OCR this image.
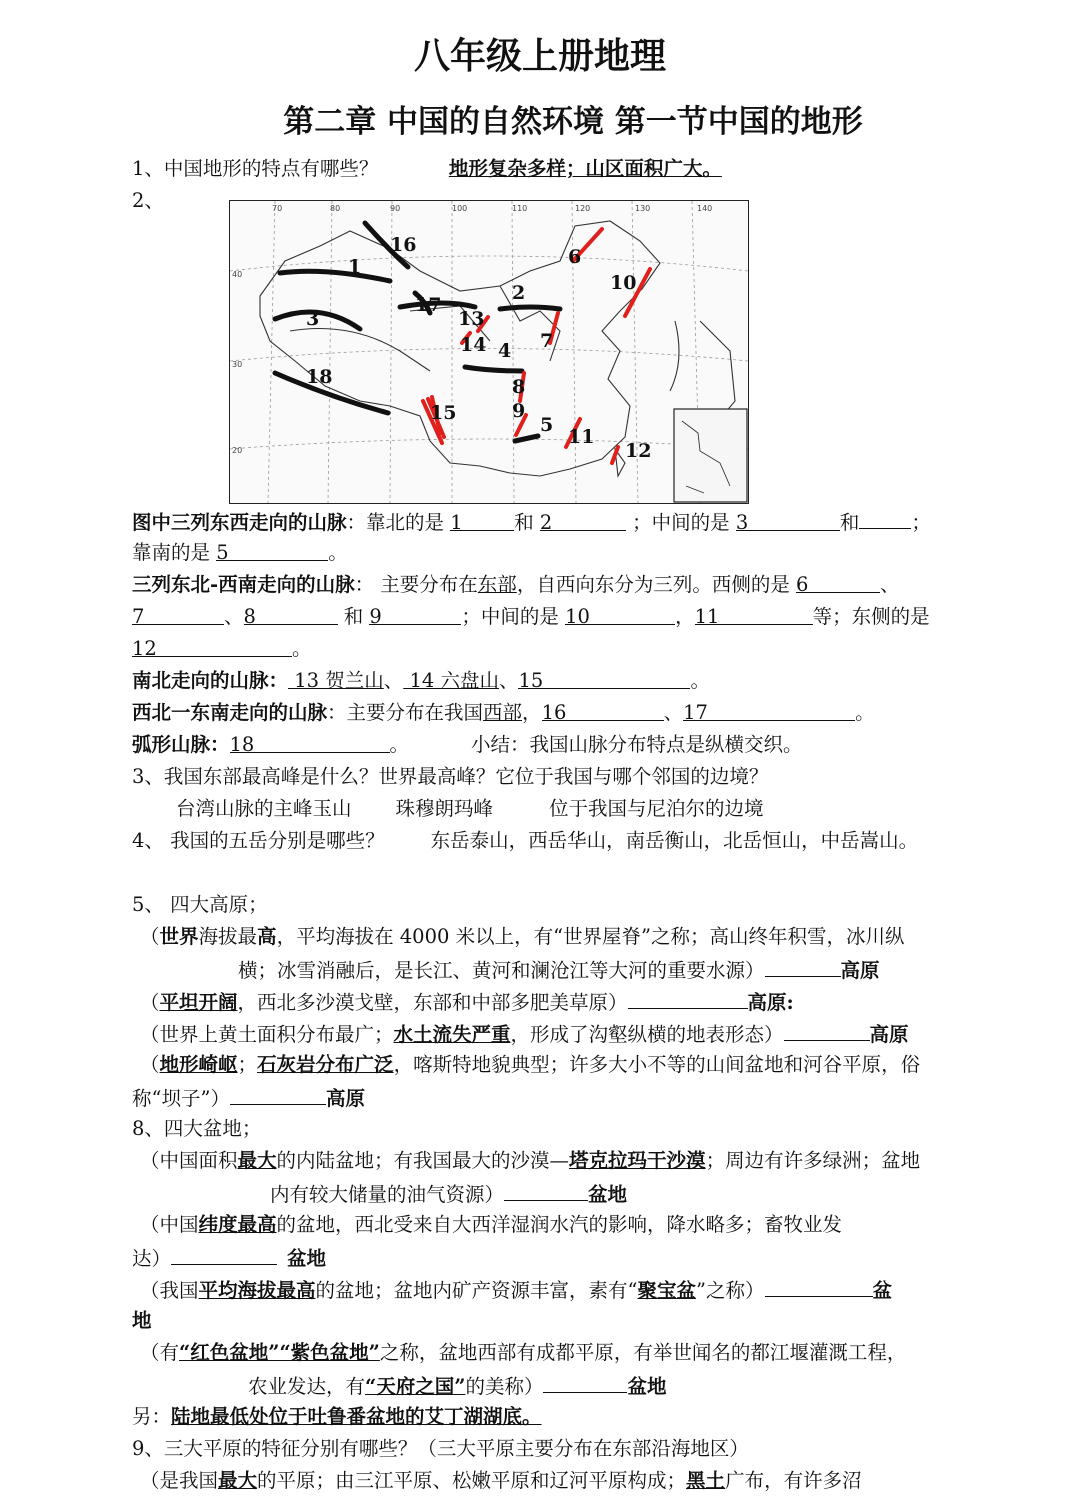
八年级上册地理
第二章 中国的自然环境 第一节中国的地形
1、中国地形的特点有哪些？	地形复杂多样；山区面积广大。
2、	70	80	90	100	110	120	130	140
40
30
20
1
2
3
4
5
6
7
8
9
10
11
12
13
14
15
16
17
18
图中三列东西走向的山脉：靠北的是 1	和 2	；中间的是 3	和	；
靠南的是 5	。
三列东北-西南走向的山脉： 主要分布在东部，自西向东分为三列。西侧的是 6	、
7	、8	和 9	；中间的是 10	，11	等；东侧的是
12	。
南北走向的山脉： 13 贺兰山、 14 六盘山、15	。
西北一东南走向的山脉：主要分布在我国西部，16	、17	。
弧形山脉：18	。	小结：我国山脉分布特点是纵横交织。
3、我国东部最高峰是什么？世界最高峰？它位于我国与哪个邻国的边境？
台湾山脉的主峰玉山 珠穆朗玛峰	位于我国与尼泊尔的边境
4、 我国的五岳分别是哪些？ 东岳泰山，西岳华山，南岳衡山，北岳恒山，中岳嵩山。
5、 四大高原；
（世界海拔最高，平均海拔在 4000 米以上，有“世界屋脊”之称；高山终年积雪，冰川纵
横；冰雪消融后，是长江、黄河和澜沧江等大河的重要水源）	高原
（平坦开阔，西北多沙漠戈壁，东部和中部多肥美草原）	高原:
（世界上黄土面积分布最广；水土流失严重，形成了沟壑纵横的地表形态）	高原
（地形崎岖；石灰岩分布广泛，喀斯特地貌典型；许多大小不等的山间盆地和河谷平原，俗
称“坝子”）	高原
8、四大盆地；
（中国面积最大的内陆盆地；有我国最大的沙漠—塔克拉玛干沙漠；周边有许多绿洲；盆地
内有较大储量的油气资源）	盆地
（中国纬度最高的盆地，西北受来自大西洋湿润水汽的影响，降水略多；畜牧业发
达）	盆地
（我国平均海拔最高的盆地；盆地内矿产资源丰富，素有“聚宝盆”之称）	盆
地
（有“红色盆地”“紫色盆地”之称，盆地西部有成都平原，有举世闻名的都江堰灌溉工程，
农业发达，有“天府之国”的美称）	盆地
另：陆地最低处位于吐鲁番盆地的艾丁湖湖底。
9、三大平原的特征分别有哪些？（三大平原主要分布在东部沿海地区）
（是我国最大的平原；由三江平原、松嫩平原和辽河平原构成；黑土广布，有许多沼
